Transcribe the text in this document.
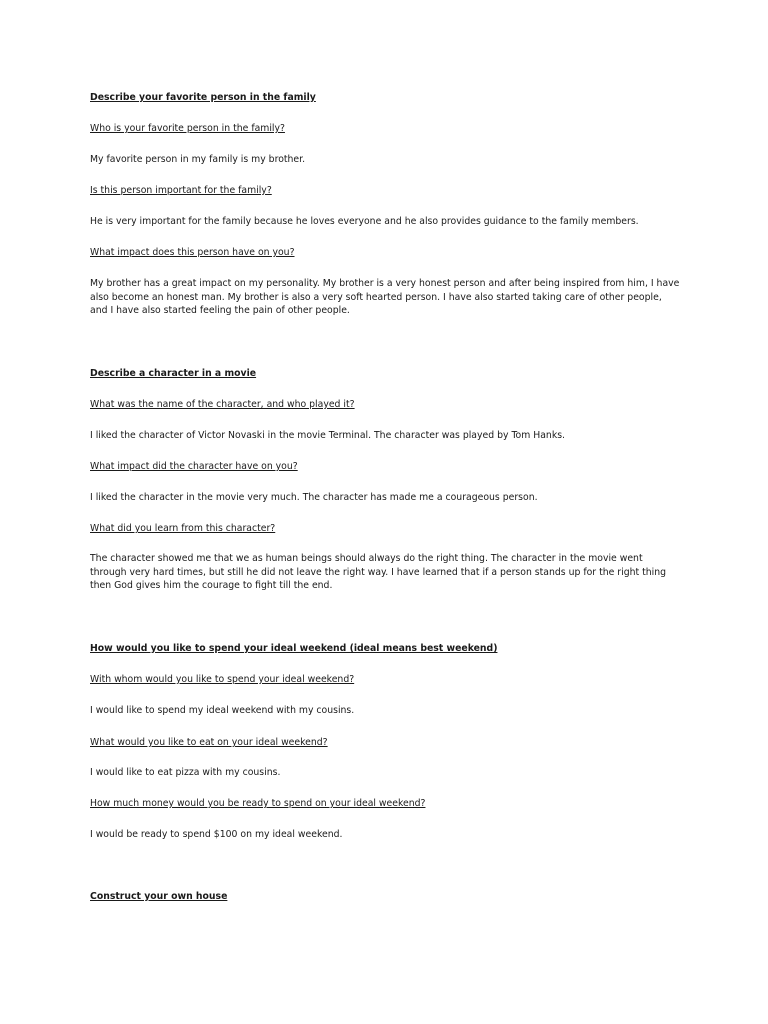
Describe your favorite person in the family

Who is your favorite person in the family?

My favorite person in my family is my brother.

Is this person important for the family?

He is very important for the family because he loves everyone and he also provides guidance to the family members.

What impact does this person have on you?

My brother has a great impact on my personality. My brother is a very honest person and after being inspired from him, I have also become an honest man. My brother is also a very soft hearted person. I have also started taking care of other people, and I have also started feeling the pain of other people.

Describe a character in a movie

What was the name of the character, and who played it?

I liked the character of Victor Novaski in the movie Terminal. The character was played by Tom Hanks.

What impact did the character have on you?

I liked the character in the movie very much. The character has made me a courageous person.

What did you learn from this character?

The character showed me that we as human beings should always do the right thing. The character in the movie went through very hard times, but still he did not leave the right way. I have learned that if a person stands up for the right thing then God gives him the courage to fight till the end.

How would you like to spend your ideal weekend (ideal means best weekend)

With whom would you like to spend your ideal weekend?

I would like to spend my ideal weekend with my cousins.

What would you like to eat on your ideal weekend?

I would like to eat pizza with my cousins.

How much money would you be ready to spend on your ideal weekend?

I would be ready to spend $100 on my ideal weekend.

Construct your own house
